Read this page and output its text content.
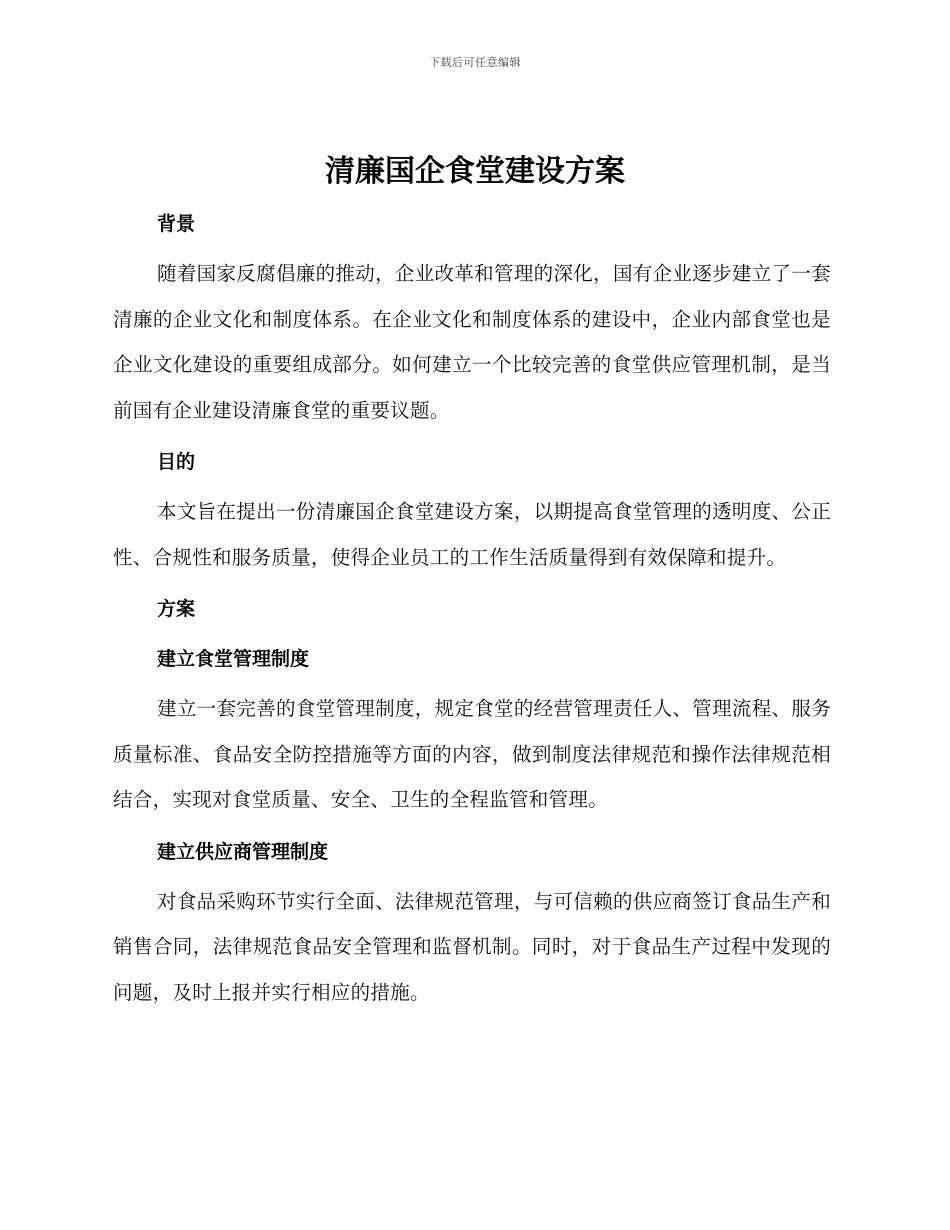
下载后可任意编辑
清廉国企食堂建设方案
背景

随着国家反腐倡廉的推动，企业改革和管理的深化，国有企业逐步建立了一套清廉的企业文化和制度体系。在企业文化和制度体系的建设中，企业内部食堂也是企业文化建设的重要组成部分。如何建立一个比较完善的食堂供应管理机制，是当前国有企业建设清廉食堂的重要议题。

目的

本文旨在提出一份清廉国企食堂建设方案，以期提高食堂管理的透明度、公正性、合规性和服务质量，使得企业员工的工作生活质量得到有效保障和提升。

方案
建立食堂管理制度

建立一套完善的食堂管理制度，规定食堂的经营管理责任人、管理流程、服务质量标准、食品安全防控措施等方面的内容，做到制度法律规范和操作法律规范相结合，实现对食堂质量、安全、卫生的全程监管和管理。

建立供应商管理制度

对食品采购环节实行全面、法律规范管理，与可信赖的供应商签订食品生产和销售合同，法律规范食品安全管理和监督机制。同时，对于食品生产过程中发现的问题，及时上报并实行相应的措施。
